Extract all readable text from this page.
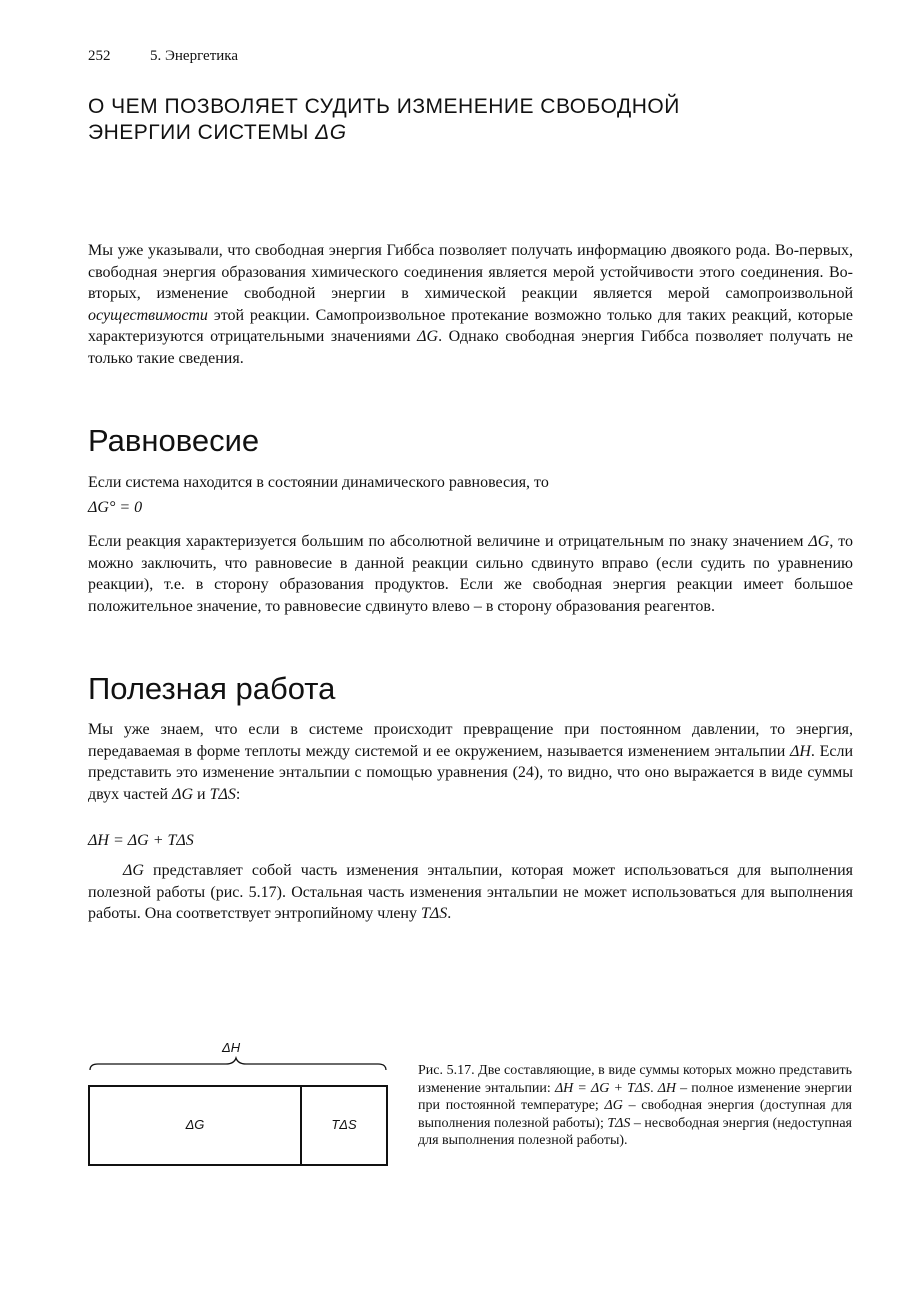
252	5. Энергетика
О ЧЕМ ПОЗВОЛЯЕТ СУДИТЬ ИЗМЕНЕНИЕ СВОБОДНОЙ
ЭНЕРГИИ СИСТЕМЫ ΔG

Мы уже указывали, что свободная энергия Гиббса позволяет получать информацию двоякого рода. Во-первых, свободная энергия образования химического соединения является мерой устойчивости этого соединения. Во-вторых, изменение свободной энергии в химической реакции является мерой самопроизвольной осуществимости этой реакции. Самопроизвольное протекание возможно только для таких реакций, которые характеризуются отрицательными значениями ΔG. Однако свободная энергия Гиббса позволяет получать не только такие сведения.

Равновесие

Если система находится в состоянии динамического равновесия, то

ΔG° = 0

Если реакция характеризуется большим по абсолютной величине и отрицательным по знаку значением ΔG, то можно заключить, что равновесие в данной реакции сильно сдвинуто вправо (если судить по уравнению реакции), т.е. в сторону образования продуктов. Если же свободная энергия реакции имеет большое положительное значение, то равновесие сдвинуто влево – в сторону образования реагентов.

Полезная работа

Мы уже знаем, что если в системе происходит превращение при постоянном давлении, то энергия, передаваемая в форме теплоты между системой и ее окружением, называется изменением энтальпии ΔH. Если представить это изменение энтальпии с помощью уравнения (24), то видно, что оно выражается в виде суммы двух частей ΔG и TΔS:

ΔH = ΔG + TΔS

ΔG представляет собой часть изменения энтальпии, которая может использоваться для выполнения полезной работы (рис. 5.17). Остальная часть изменения энтальпии не может использоваться для выполнения работы. Она соответствует энтропийному члену TΔS.

ΔH
ΔG	TΔS
Рис. 5.17. Две составляющие, в виде суммы которых можно представить изменение энтальпии: ΔH = ΔG + TΔS. ΔH – полное изменение энергии при постоянной температуре; ΔG – свободная энергия (доступная для выполнения полезной работы); TΔS – несвободная энергия (недоступная для выполнения полезной работы).
